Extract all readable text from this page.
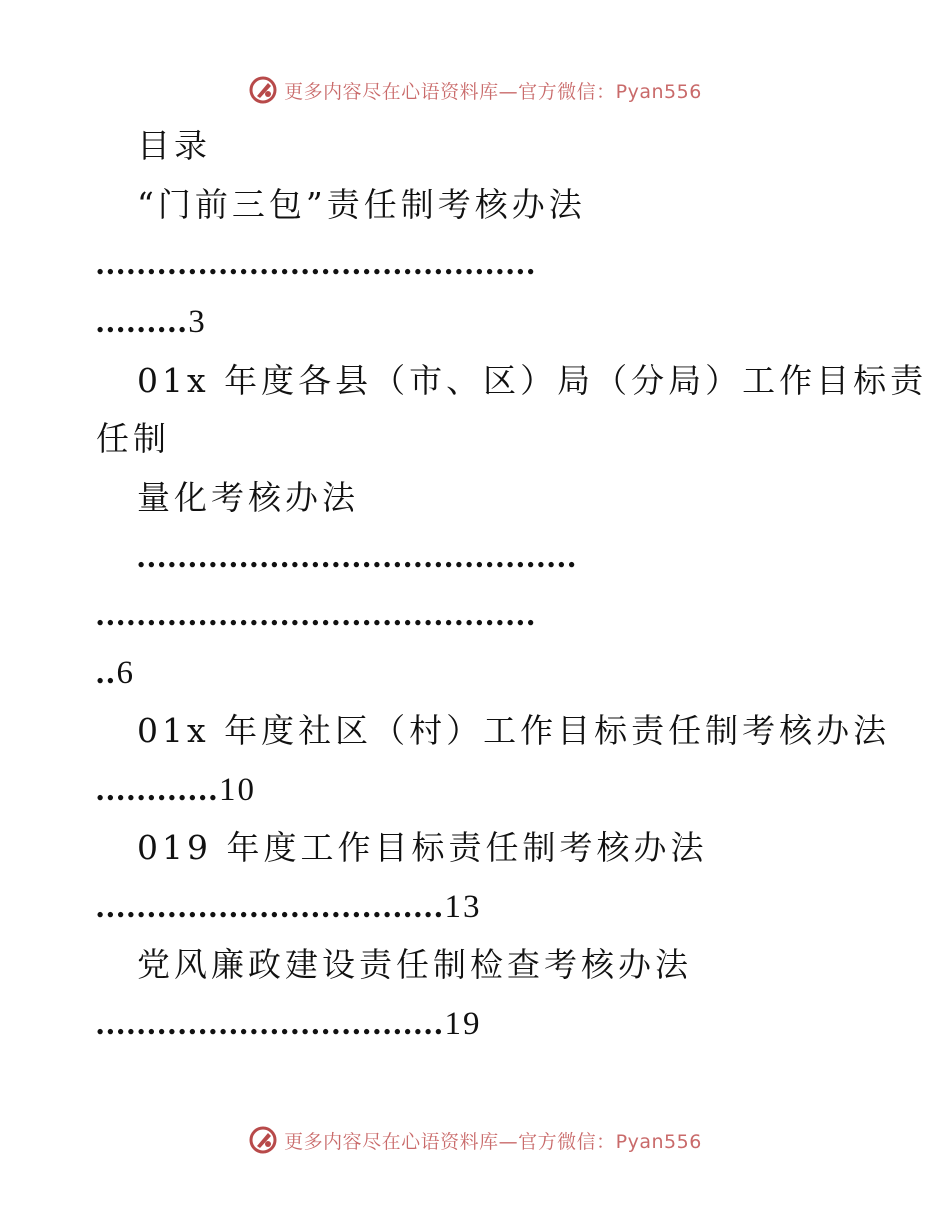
更多内容尽在心语资料库—官方微信：Pyan556
目录
“门前三包”责任制考核办法
...........................................
.........3
01x 年度各县（市、区）局（分局）工作目标责
任制
量化考核办法
...........................................
...........................................
..6
01x 年度社区（村）工作目标责任制考核办法
............10
019 年度工作目标责任制考核办法
..................................13
党风廉政建设责任制检查考核办法
..................................19
更多内容尽在心语资料库—官方微信：Pyan556
